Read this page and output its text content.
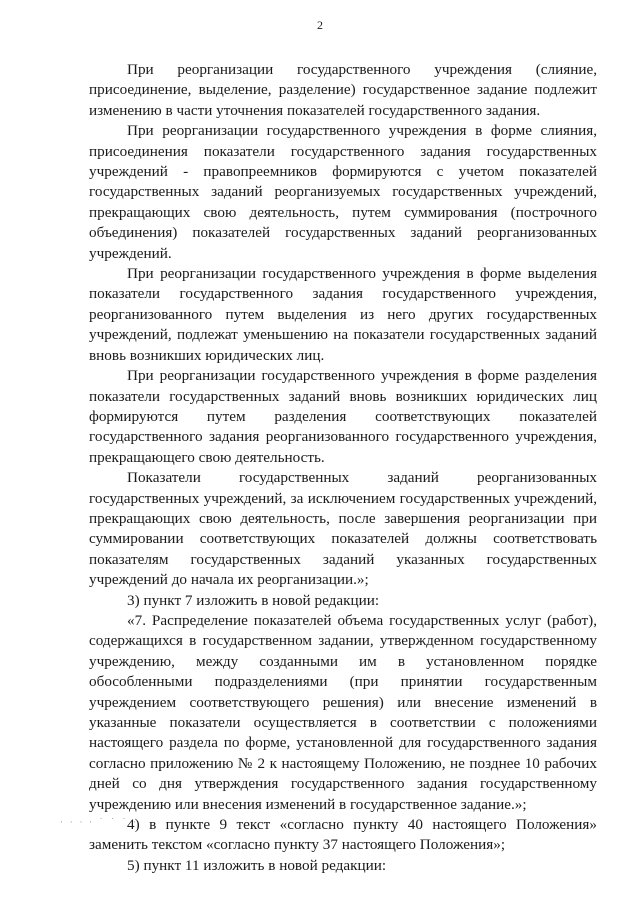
2

При реорганизации государственного учреждения (слияние, присоединение, выделение, разделение) государственное задание подлежит изменению в части уточнения показателей государственного задания.

При реорганизации государственного учреждения в форме слияния, присоединения показатели государственного задания государственных учреждений - правопреемников формируются с учетом показателей государственных заданий реорганизуемых государственных учреждений, прекращающих свою деятельность, путем суммирования (построчного объединения) показателей государственных заданий реорганизованных учреждений.

При реорганизации государственного учреждения в форме выделения показатели государственного задания государственного учреждения, реорганизованного путем выделения из него других государственных учреждений, подлежат уменьшению на показатели государственных заданий вновь возникших юридических лиц.

При реорганизации государственного учреждения в форме разделения показатели государственных заданий вновь возникших юридических лиц формируются путем разделения соответствующих показателей государственного задания реорганизованного государственного учреждения, прекращающего свою деятельность.

Показатели государственных заданий реорганизованных государственных учреждений, за исключением государственных учреждений, прекращающих свою деятельность, после завершения реорганизации при суммировании соответствующих показателей должны соответствовать показателям государственных заданий указанных государственных учреждений до начала их реорганизации.»;

3) пункт 7 изложить в новой редакции:

«7. Распределение показателей объема государственных услуг (работ), содержащихся в государственном задании, утвержденном государственному учреждению, между созданными им в установленном порядке обособленными подразделениями (при принятии государственным учреждением соответствующего решения) или внесение изменений в указанные показатели осуществляется в соответствии с положениями настоящего раздела по форме, установленной для государственного задания согласно приложению № 2 к настоящему Положению, не позднее 10 рабочих дней со дня утверждения государственного задания государственному учреждению или внесения изменений в государственное задание.»;

4) в пункте 9 текст «согласно пункту 40 настоящего Положения» заменить текстом «согласно пункту 37 настоящего Положения»;

5) пункт 11 изложить в новой редакции:

· · · · ˙ ˙ ˙ ·
